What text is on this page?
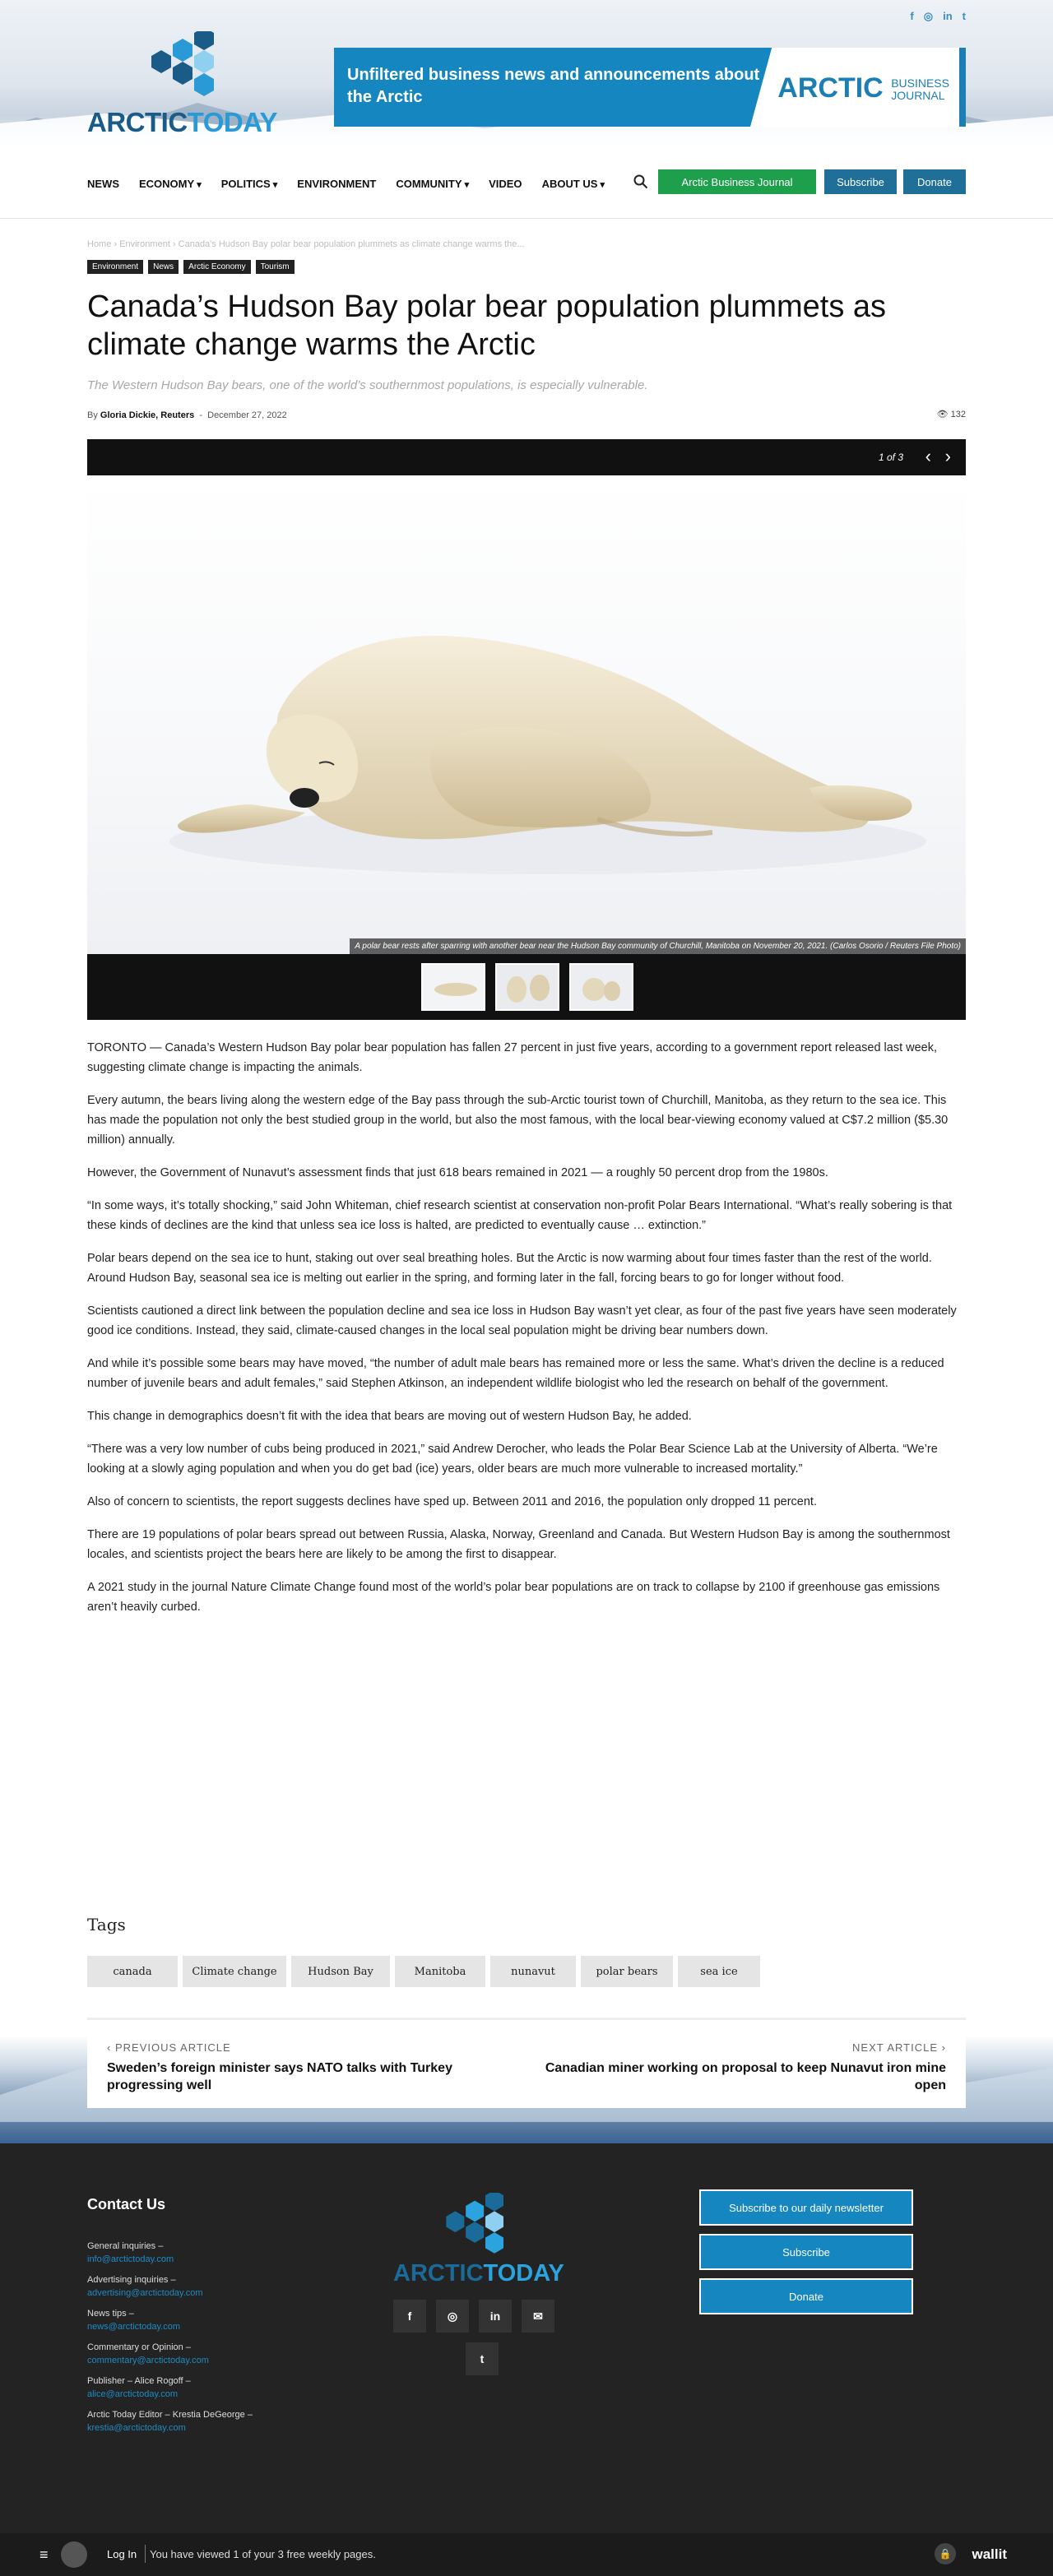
f ◎ in t
ARCTICTODAY
Unfiltered business news and announcements about the Arctic	ARCTIC BUSINESS
JOURNAL
NEWS ECONOMY ▾	POLITICS ▾	ENVIRONMENT COMMUNITY ▾	VIDEO ABOUT US ▾	Arctic Business Journal	Subscribe	Donate
Home › Environment › Canada's Hudson Bay polar bear population plummets as climate change warms the...
Environment	News	Arctic Economy	Tourism
Canada’s Hudson Bay polar bear population plummets as climate change warms the Arctic
The Western Hudson Bay bears, one of the world’s southernmost populations, is especially vulnerable.
By Gloria Dickie, Reuters  -  December 27, 2022	👁 132
1 of 3 ‹ ›
A polar bear rests after sparring with another bear near the Hudson Bay community of Churchill, Manitoba on November 20, 2021. (Carlos Osorio / Reuters File Photo)

TORONTO — Canada’s Western Hudson Bay polar bear population has fallen 27 percent in just five years, according to a government report released last week, suggesting climate change is impacting the animals.

Every autumn, the bears living along the western edge of the Bay pass through the sub-Arctic tourist town of Churchill, Manitoba, as they return to the sea ice. This has made the population not only the best studied group in the world, but also the most famous, with the local bear-viewing economy valued at C$7.2 million ($5.30 million) annually.

However, the Government of Nunavut’s assessment finds that just 618 bears remained in 2021 — a roughly 50 percent drop from the 1980s.

“In some ways, it’s totally shocking,” said John Whiteman, chief research scientist at conservation non-profit Polar Bears International. “What’s really sobering is that these kinds of declines are the kind that unless sea ice loss is halted, are predicted to eventually cause … extinction.”

Polar bears depend on the sea ice to hunt, staking out over seal breathing holes. But the Arctic is now warming about four times faster than the rest of the world. Around Hudson Bay, seasonal sea ice is melting out earlier in the spring, and forming later in the fall, forcing bears to go for longer without food.

Scientists cautioned a direct link between the population decline and sea ice loss in Hudson Bay wasn’t yet clear, as four of the past five years have seen moderately good ice conditions. Instead, they said, climate-caused changes in the local seal population might be driving bear numbers down.

And while it’s possible some bears may have moved, “the number of adult male bears has remained more or less the same. What’s driven the decline is a reduced number of juvenile bears and adult females,” said Stephen Atkinson, an independent wildlife biologist who led the research on behalf of the government.

This change in demographics doesn’t fit with the idea that bears are moving out of western Hudson Bay, he added.

“There was a very low number of cubs being produced in 2021,” said Andrew Derocher, who leads the Polar Bear Science Lab at the University of Alberta. “We’re looking at a slowly aging population and when you do get bad (ice) years, older bears are much more vulnerable to increased mortality.”

Also of concern to scientists, the report suggests declines have sped up. Between 2011 and 2016, the population only dropped 11 percent.

There are 19 populations of polar bears spread out between Russia, Alaska, Norway, Greenland and Canada. But Western Hudson Bay is among the southernmost locales, and scientists project the bears here are likely to be among the first to disappear.

A 2021 study in the journal Nature Climate Change found most of the world’s polar bear populations are on track to collapse by 2100 if greenhouse gas emissions aren’t heavily curbed.

Tags
canada	Climate change	Hudson Bay	Manitoba	nunavut	polar bears	sea ice
‹ PREVIOUS ARTICLE
Sweden’s foreign minister says NATO talks with Turkey progressing well
NEXT ARTICLE ›
Canadian miner working on proposal to keep Nunavut iron mine open
Contact Us
General inquiries –
info@arctictoday.com
Advertising inquiries –
advertising@arctictoday.com
News tips –
news@arctictoday.com
Commentary or Opinion –
commentary@arctictoday.com
Publisher – Alice Rogoff –
alice@arctictoday.com
Arctic Today Editor – Krestia DeGeorge –
krestia@arctictoday.com
ARCTICTODAY
f	◎	in	✉
t
Subscribe to our daily newsletter
Subscribe
Donate
≡	Log In You have viewed 1 of your 3 free weekly pages.	🔒	wallit
